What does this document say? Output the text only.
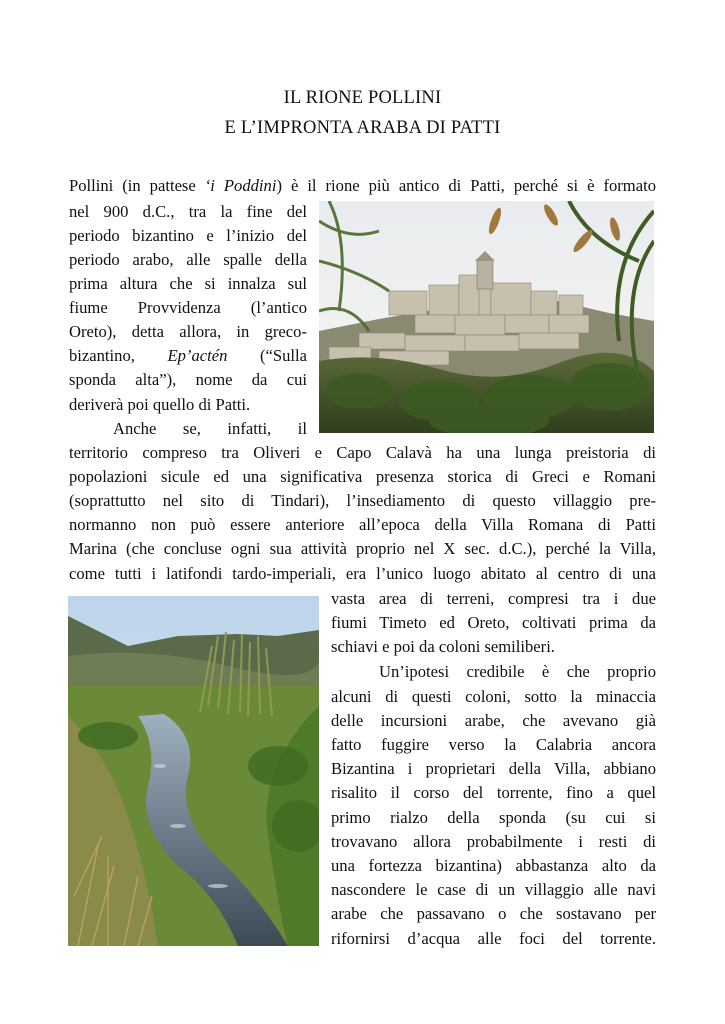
IL RIONE POLLINI
E L’IMPRONTA ARABA DI PATTI
Pollini (in pattese ‘i Poddini) è il rione più antico di Patti, perché si è formato
nel 900 d.C., tra la fine del
periodo bizantino e l’inizio del
periodo arabo, alle spalle della
prima altura che si innalza sul
fiume Provvidenza (l’antico
Oreto), detta allora, in greco-
bizantino, Ep’actén (“Sulla
sponda alta”), nome da cui
deriverà poi quello di Patti.
Anche se, infatti, il
territorio compreso tra Oliveri e Capo Calavà ha una lunga preistoria di
popolazioni sicule ed una significativa presenza storica di Greci e Romani
(soprattutto nel sito di Tindari), l’insediamento di questo villaggio pre-
normanno non può essere anteriore all’epoca della Villa Romana di Patti
Marina (che concluse ogni sua attività proprio nel X sec. d.C.), perché la Villa,
come tutti i latifondi tardo-imperiali, era l’unico luogo abitato al centro di una
vasta area di terreni, compresi tra i due
fiumi Timeto ed Oreto, coltivati prima da
schiavi e poi da coloni semiliberi.
Un’ipotesi credibile è che proprio
alcuni di questi coloni, sotto la minaccia
delle incursioni arabe, che avevano già
fatto fuggire verso la Calabria ancora
Bizantina i proprietari della Villa, abbiano
risalito il corso del torrente, fino a quel
primo rialzo della sponda (su cui si
trovavano allora probabilmente i resti di
una fortezza bizantina) abbastanza alto da
nascondere le case di un villaggio alle navi
arabe che passavano o che sostavano per
rifornirsi d’acqua alle foci del torrente.
